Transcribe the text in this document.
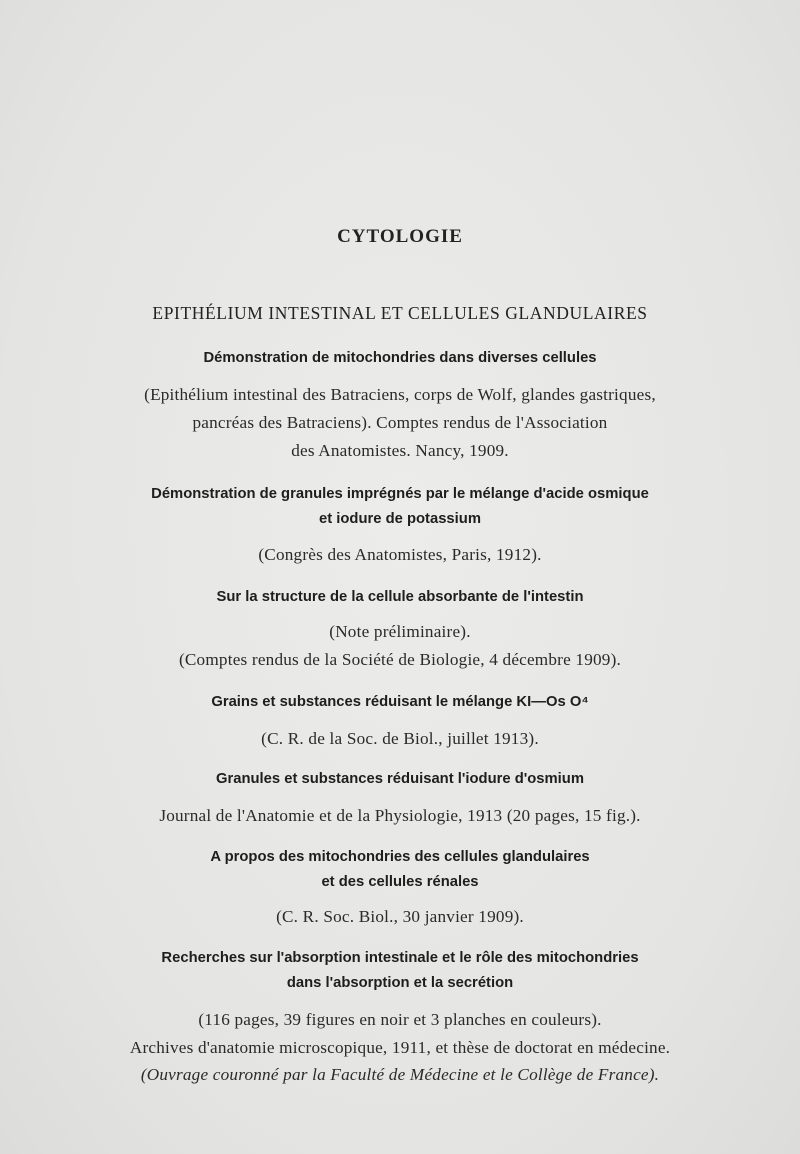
CYTOLOGIE
EPITHÉLIUM INTESTINAL ET CELLULES GLANDULAIRES
Démonstration de mitochondries dans diverses cellules
(Epithélium intestinal des Batraciens, corps de Wolf, glandes gastriques,
pancréas des Batraciens). Comptes rendus de l'Association
des Anatomistes. Nancy, 1909.
Démonstration de granules imprégnés par le mélange d'acide osmique
et iodure de potassium
(Congrès des Anatomistes, Paris, 1912).
Sur la structure de la cellule absorbante de l'intestin
(Note préliminaire).
(Comptes rendus de la Société de Biologie, 4 décembre 1909).
Grains et substances réduisant le mélange KI—Os O⁴
(C. R. de la Soc. de Biol., juillet 1913).
Granules et substances réduisant l'iodure d'osmium
Journal de l'Anatomie et de la Physiologie, 1913 (20 pages, 15 fig.).
A propos des mitochondries des cellules glandulaires
et des cellules rénales
(C. R. Soc. Biol., 30 janvier 1909).
Recherches sur l'absorption intestinale et le rôle des mitochondries
dans l'absorption et la secrétion
(116 pages, 39 figures en noir et 3 planches en couleurs).
Archives d'anatomie microscopique, 1911, et thèse de doctorat en médecine.
(Ouvrage couronné par la Faculté de Médecine et le Collège de France).
